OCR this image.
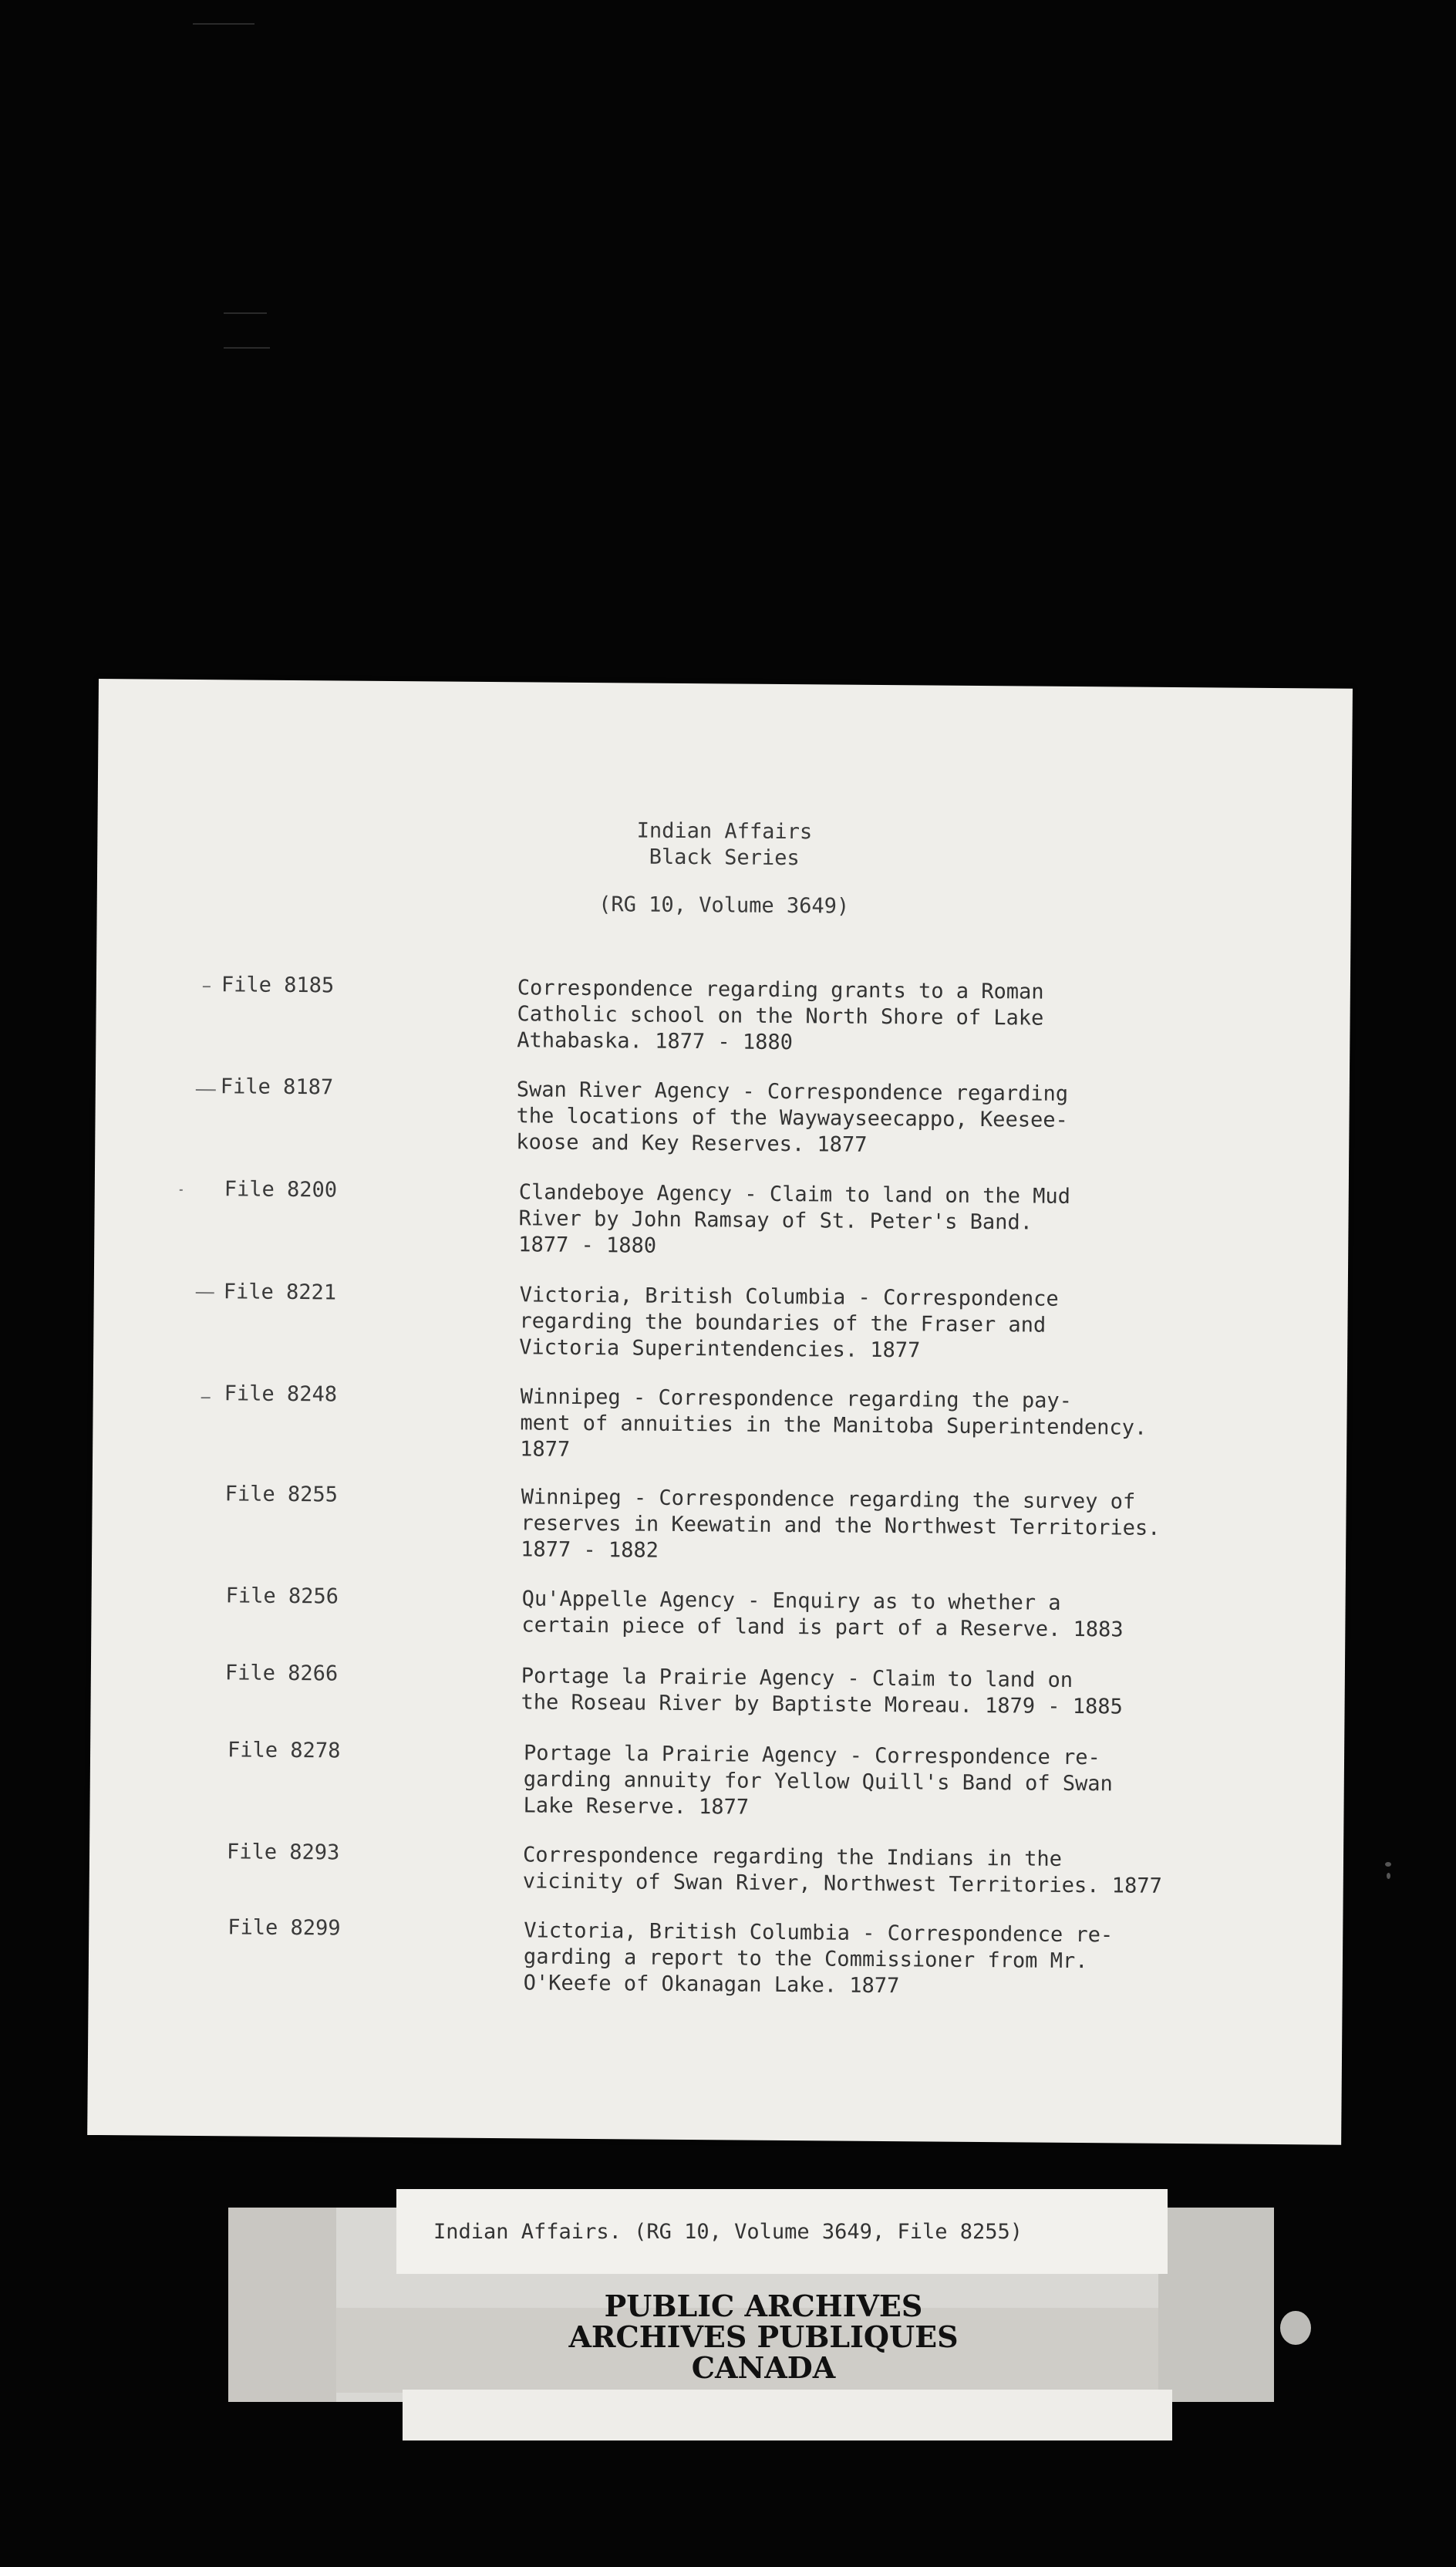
Indian Affairs
Black Series
(RG 10, Volume 3649)
File 8185	Correspondence regarding grants to a Roman
Catholic school on the North Shore of Lake
Athabaska. 1877 - 1880
File 8187	Swan River Agency - Correspondence regarding
the locations of the Waywayseecappo, Keesee-
koose and Key Reserves. 1877
File 8200	Clandeboye Agency - Claim to land on the Mud
River by John Ramsay of St. Peter's Band.
1877 - 1880
File 8221	Victoria, British Columbia - Correspondence
regarding the boundaries of the Fraser and
Victoria Superintendencies. 1877
File 8248	Winnipeg - Correspondence regarding the pay-
ment of annuities in the Manitoba Superintendency.
1877
File 8255	Winnipeg - Correspondence regarding the survey of
reserves in Keewatin and the Northwest Territories.
1877 - 1882
File 8256	Qu'Appelle Agency - Enquiry as to whether a
certain piece of land is part of a Reserve. 1883
File 8266	Portage la Prairie Agency - Claim to land on
the Roseau River by Baptiste Moreau. 1879 - 1885
File 8278	Portage la Prairie Agency - Correspondence re-
garding annuity for Yellow Quill's Band of Swan
Lake Reserve. 1877
File 8293	Correspondence regarding the Indians in the
vicinity of Swan River, Northwest Territories. 1877
File 8299	Victoria, British Columbia - Correspondence re-
garding a report to the Commissioner from Mr.
O'Keefe of Okanagan Lake. 1877
Indian Affairs. (RG 10, Volume 3649, File 8255)
PUBLIC ARCHIVES
ARCHIVES PUBLIQUES
CANADA
